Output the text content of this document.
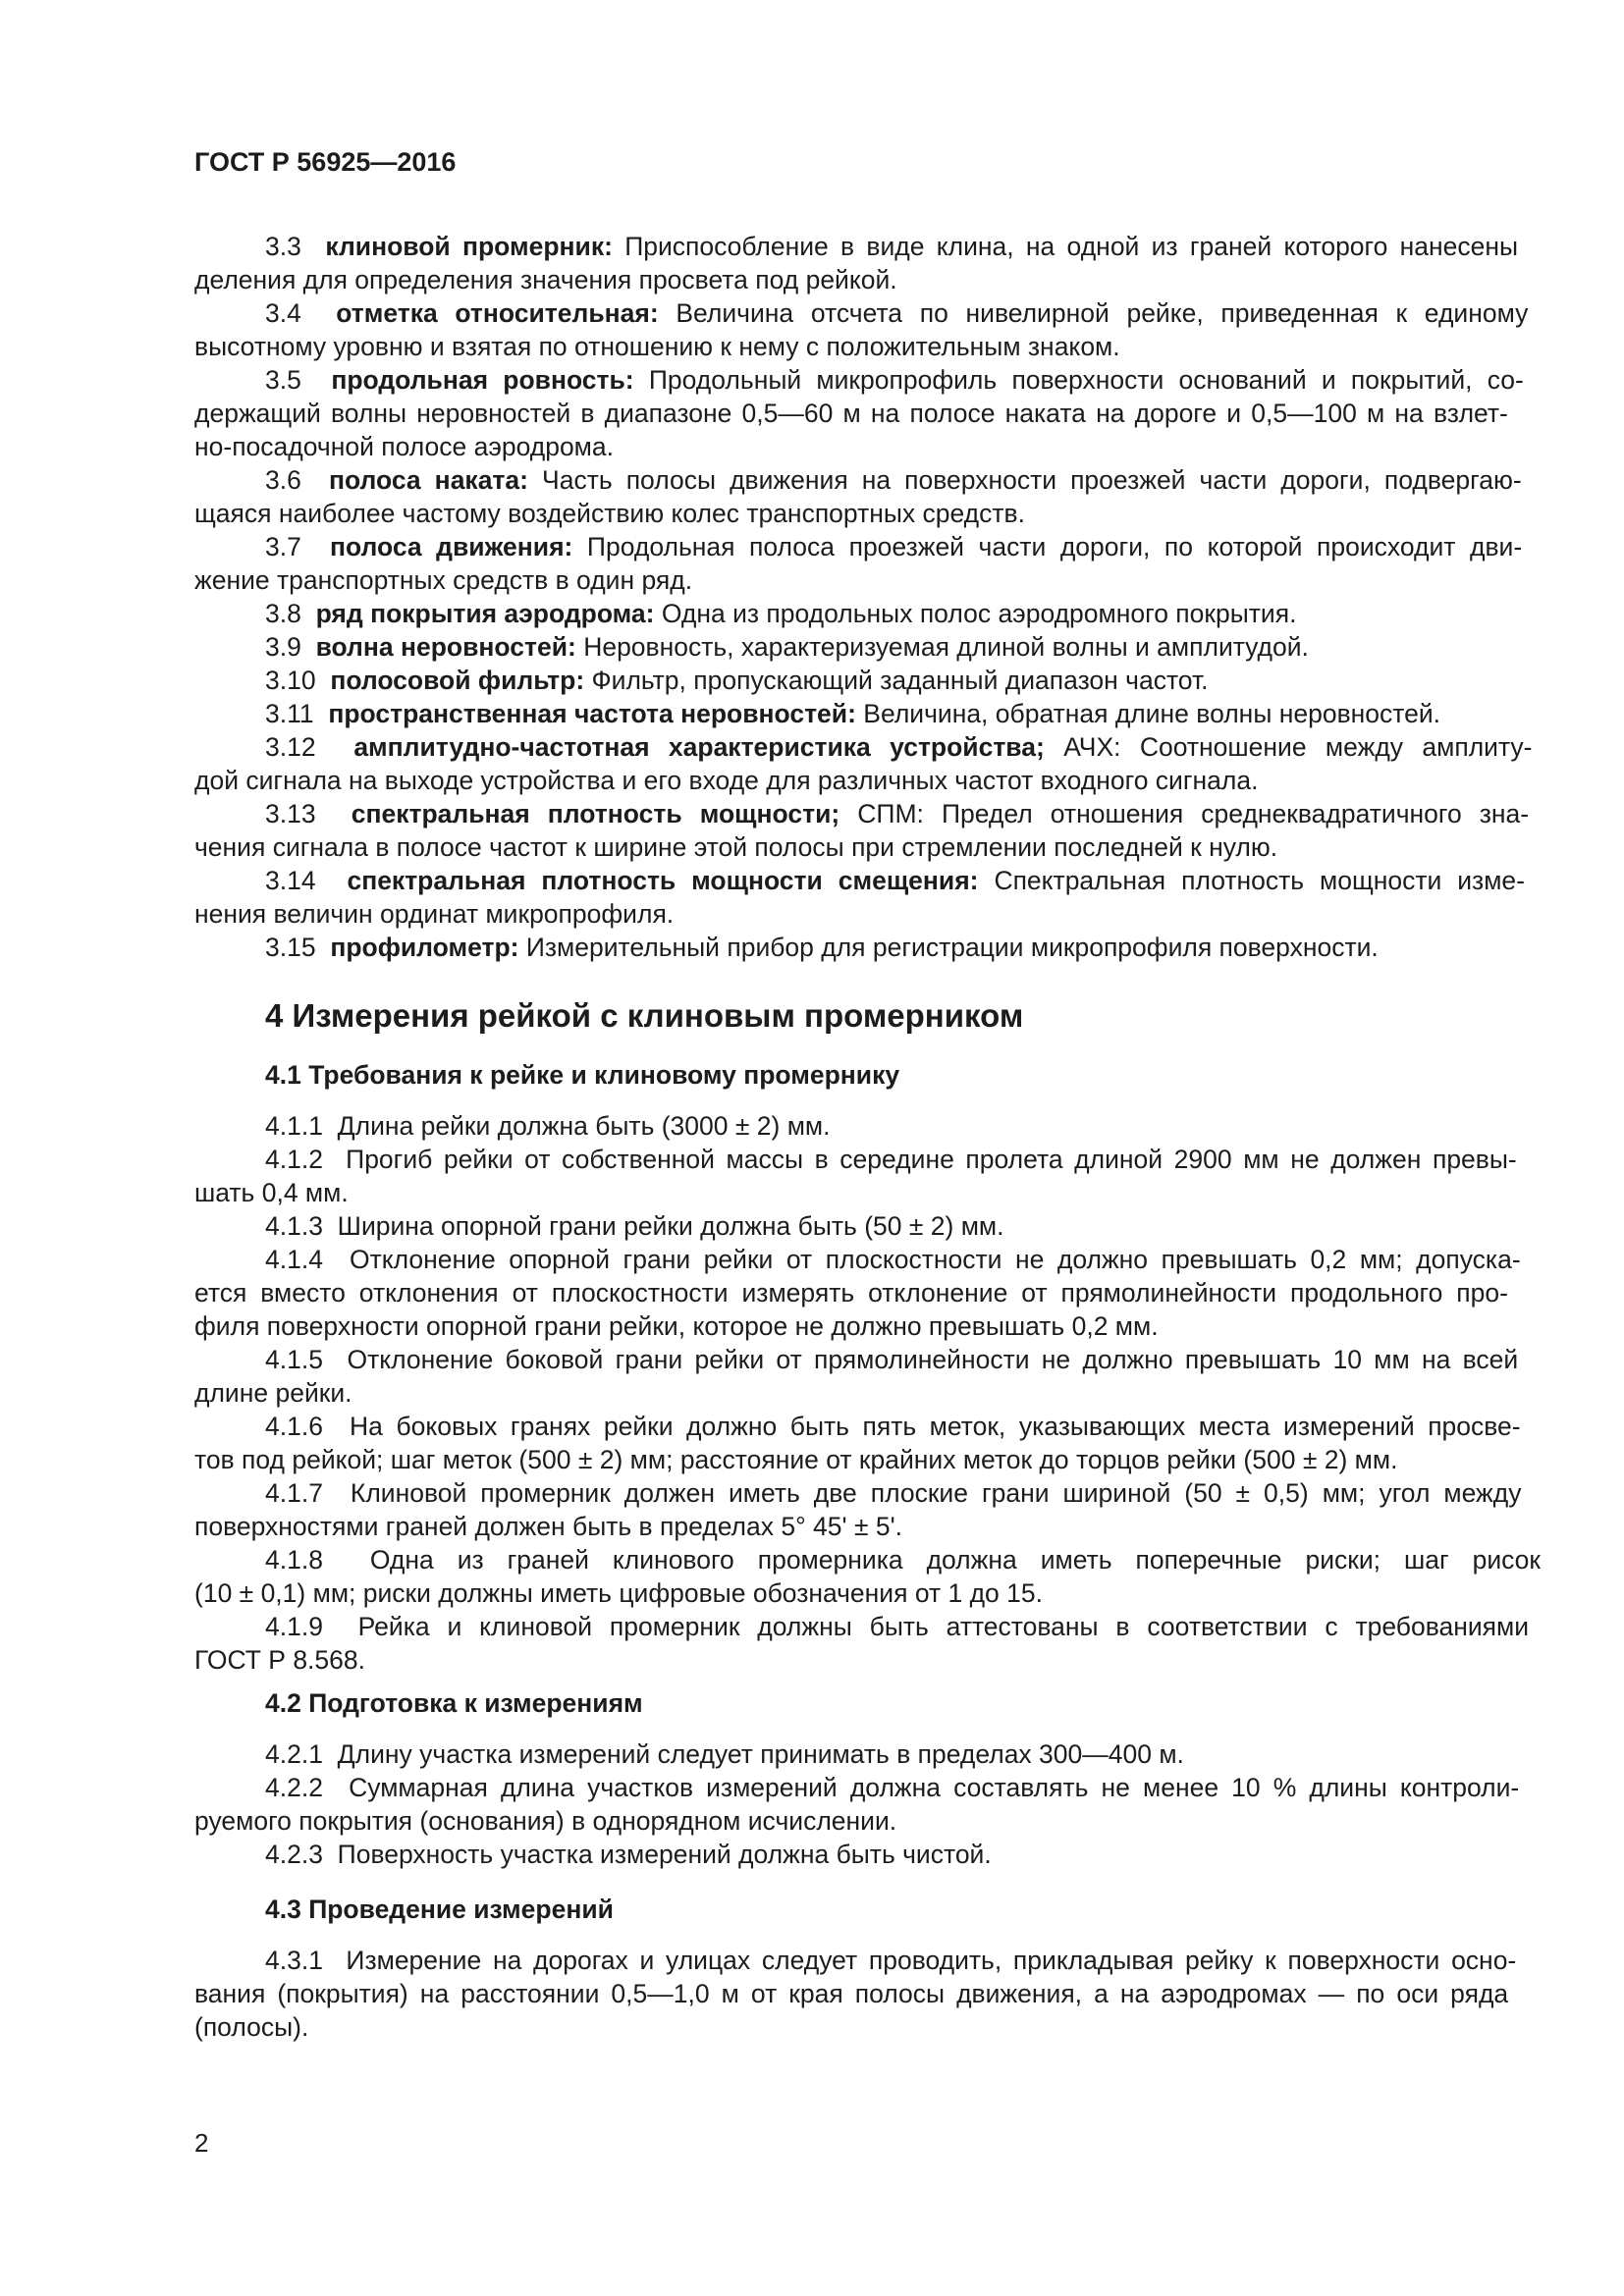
ГОСТ Р 56925—2016
3.3  клиновой промерник: Приспособление в виде клина, на одной из граней которого нанесены
деления для определения значения просвета под рейкой.
3.4  отметка относительная: Величина отсчета по нивелирной рейке, приведенная к единому
высотному уровню и взятая по отношению к нему с положительным знаком.
3.5  продольная ровность: Продольный микропрофиль поверхности оснований и покрытий, со-
держащий волны неровностей в диапазоне 0,5—60 м на полосе наката на дороге и 0,5—100 м на взлет-
но-посадочной полосе аэродрома.
3.6  полоса наката: Часть полосы движения на поверхности проезжей части дороги, подвергаю-
щаяся наиболее частому воздействию колес транспортных средств.
3.7  полоса движения: Продольная полоса проезжей части дороги, по которой происходит дви-
жение транспортных средств в один ряд.
3.8  ряд покрытия аэродрома: Одна из продольных полос аэродромного покрытия.
3.9  волна неровностей: Неровность, характеризуемая длиной волны и амплитудой.
3.10  полосовой фильтр: Фильтр, пропускающий заданный диапазон частот.
3.11  пространственная частота неровностей: Величина, обратная длине волны неровностей.
3.12  амплитудно-частотная характеристика устройства; АЧХ: Соотношение между амплиту-
дой сигнала на выходе устройства и его входе для различных частот входного сигнала.
3.13  спектральная плотность мощности; СПМ: Предел отношения среднеквадратичного зна-
чения сигнала в полосе частот к ширине этой полосы при стремлении последней к нулю.
3.14  спектральная плотность мощности смещения: Спектральная плотность мощности изме-
нения величин ординат микропрофиля.
3.15  профилометр: Измерительный прибор для регистрации микропрофиля поверхности.
4 Измерения рейкой с клиновым промерником
4.1 Требования к рейке и клиновому промернику
4.1.1  Длина рейки должна быть (3000 ± 2) мм.
4.1.2  Прогиб рейки от собственной массы в середине пролета длиной 2900 мм не должен превы-
шать 0,4 мм.
4.1.3  Ширина опорной грани рейки должна быть (50 ± 2) мм.
4.1.4  Отклонение опорной грани рейки от плоскостности не должно превышать 0,2 мм; допуска-
ется вместо отклонения от плоскостности измерять отклонение от прямолинейности продольного про-
филя поверхности опорной грани рейки, которое не должно превышать 0,2 мм.
4.1.5  Отклонение боковой грани рейки от прямолинейности не должно превышать 10 мм на всей
длине рейки.
4.1.6  На боковых гранях рейки должно быть пять меток, указывающих места измерений просве-
тов под рейкой; шаг меток (500 ± 2) мм; расстояние от крайних меток до торцов рейки (500 ± 2) мм.
4.1.7  Клиновой промерник должен иметь две плоские грани шириной (50 ± 0,5) мм; угол между
поверхностями граней должен быть в пределах 5° 45' ± 5'.
4.1.8  Одна из граней клинового промерника должна иметь поперечные риски; шаг рисок
(10 ± 0,1) мм; риски должны иметь цифровые обозначения от 1 до 15.
4.1.9  Рейка и клиновой промерник должны быть аттестованы в соответствии с требованиями
ГОСТ Р 8.568.
4.2 Подготовка к измерениям
4.2.1  Длину участка измерений следует принимать в пределах 300—400 м.
4.2.2  Суммарная длина участков измерений должна составлять не менее 10 % длины контроли-
руемого покрытия (основания) в однорядном исчислении.
4.2.3  Поверхность участка измерений должна быть чистой.
4.3 Проведение измерений
4.3.1  Измерение на дорогах и улицах следует проводить, прикладывая рейку к поверхности осно-
вания (покрытия) на расстоянии 0,5—1,0 м от края полосы движения, а на аэродромах — по оси ряда
(полосы).
2
